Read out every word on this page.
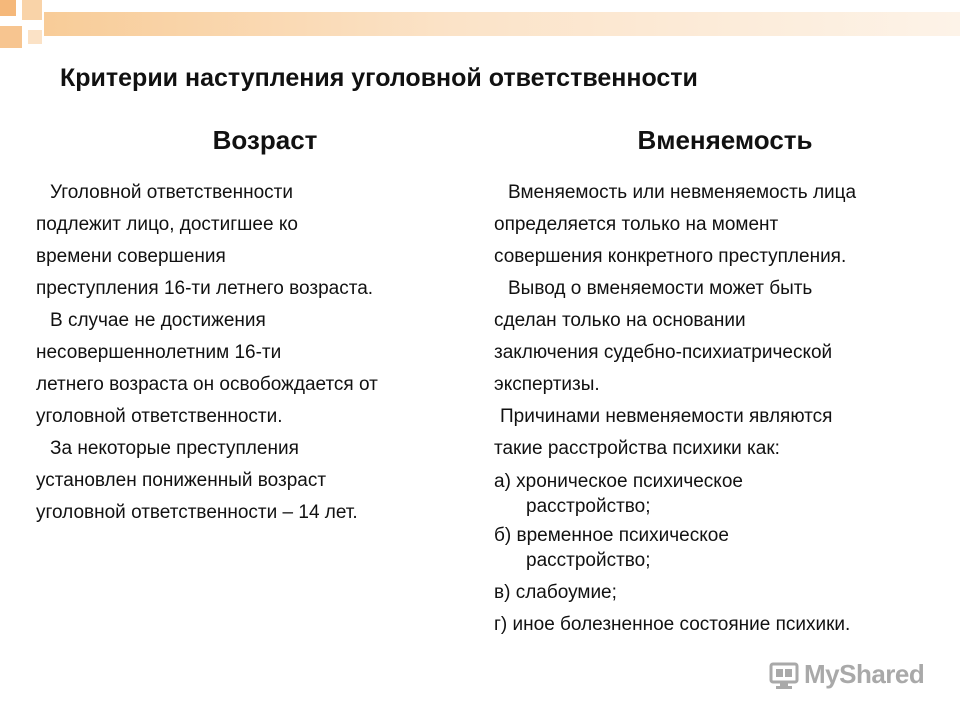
Критерии наступления уголовной ответственности
Возраст	Вменяемость
Уголовной ответственности
подлежит лицо, достигшее ко
времени совершения
преступления 16-ти летнего возраста.
В случае не достижения
несовершеннолетним 16-ти
летнего возраста он освобождается от
уголовной ответственности.
За некоторые преступления
установлен пониженный возраст
уголовной ответственности – 14 лет.
Вменяемость или невменяемость лица
определяется только на момент
совершения конкретного преступления.
Вывод о вменяемости может быть
сделан только на основании
заключения судебно-психиатрической
экспертизы.
Причинами невменяемости являются
такие расстройства психики как:
а) хроническое психическое
расстройство;
б) временное психическое
расстройство;
в) слабоумие;
г) иное болезненное состояние психики.
MyShared
